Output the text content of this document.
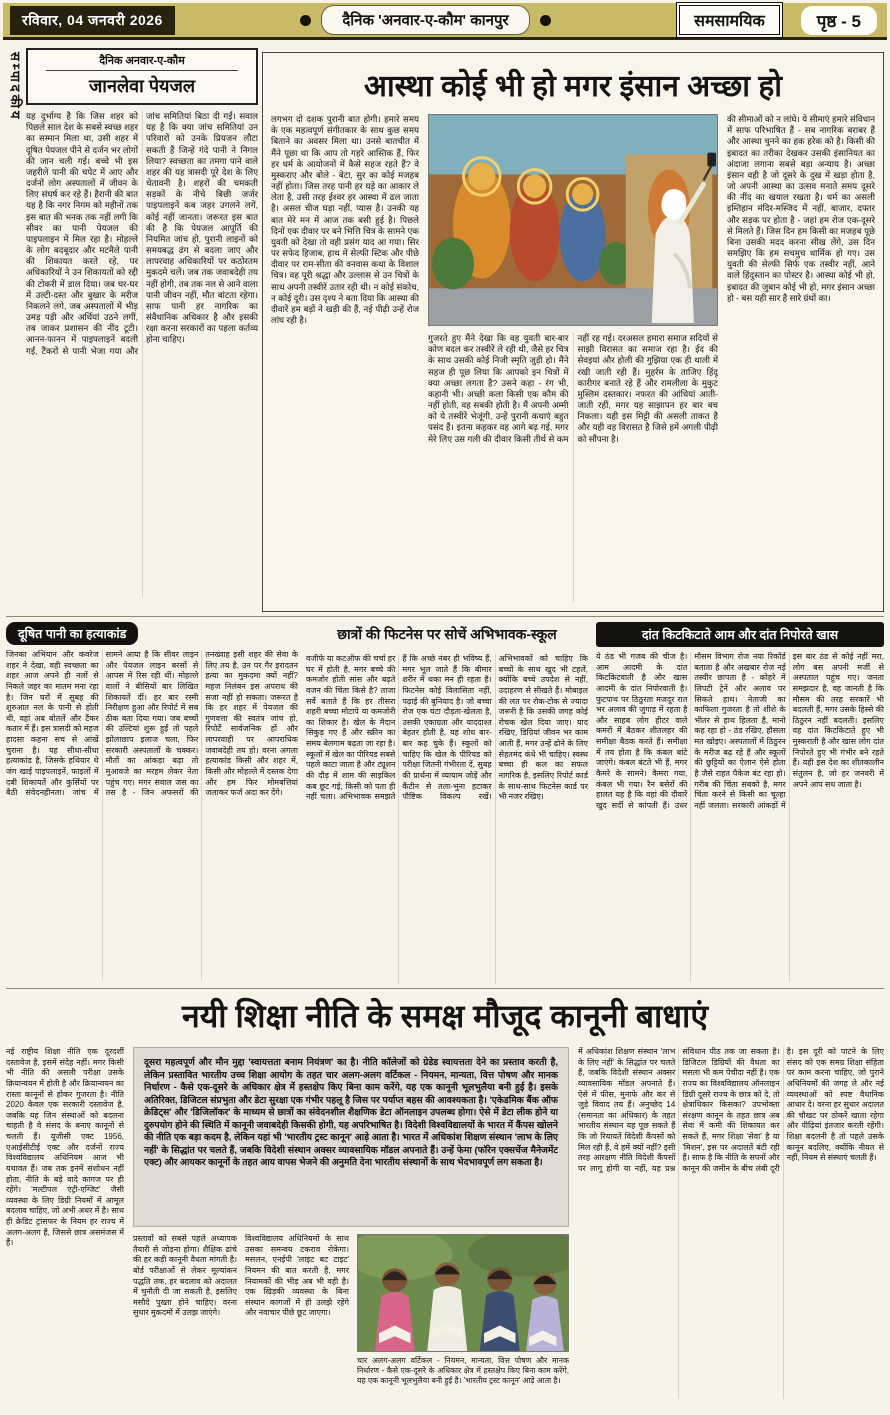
रविवार, 04 जनवरी 2026	दैनिक 'अनवार-ए-कौम' कानपुर	समसामयिक	पृष्ठ - 5
सम्पादकीय	दैनिक अनवार-ए-कौम
जानलेवा पेयजल
यह दुर्भाग्य है कि जिस शहर को पिछले साल देश के सबसे स्वच्छ शहर का सम्मान मिला था, उसी शहर में दूषित पेयजल पीने से दर्जन भर लोगों की जान चली गई। बच्चे भी इस जहरीले पानी की चपेट में आए और दर्जनों लोग अस्पतालों में जीवन के लिए संघर्ष कर रहे हैं। हैरानी की बात यह है कि नगर निगम को महीनों तक इस बात की भनक तक नहीं लगी कि सीवर का पानी पेयजल की पाइपलाइन में मिल रहा है। मोहल्ले के लोग बदबूदार और मटमैले पानी की शिकायत करते रहे, पर अधिकारियों ने उन शिकायतों को रद्दी की टोकरी में डाल दिया। जब घर-घर में उल्टी-दस्त और बुखार के मरीज निकलने लगे, जब अस्पतालों में भीड़ उमड़ पड़ी और अर्थियां उठने लगीं, तब जाकर प्रशासन की नींद टूटी। आनन-फानन में पाइपलाइनें बदली गईं, टैंकरों से पानी भेजा गया और जांच समितियां बिठा दी गईं। सवाल यह है कि क्या जांच समितियां उन परिवारों को उनके प्रियजन लौटा सकती हैं जिन्हें गंदे पानी ने निगल लिया? स्वच्छता का तमगा पाने वाले शहर की यह त्रासदी पूरे देश के लिए चेतावनी है। शहरों की चमकती सड़कों के नीचे बिछी जर्जर पाइपलाइनें कब जहर उगलने लगें, कोई नहीं जानता। जरूरत इस बात की है कि पेयजल आपूर्ति की नियमित जांच हो, पुरानी लाइनों को समयबद्ध ढंग से बदला जाए और लापरवाह अधिकारियों पर कठोरतम मुकदमे चलें। जब तक जवाबदेही तय नहीं होगी, तब तक नल से आने वाला पानी जीवन नहीं, मौत बांटता रहेगा। साफ पानी हर नागरिक का संवैधानिक अधिकार है और इसकी रक्षा करना सरकारों का पहला कर्तव्य होना चाहिए।
आस्था कोई भी हो मगर इंसान अच्छा हो
लगभग दो दशक पुरानी बात होगी। हमारे समय के एक महत्वपूर्ण संगीतकार के साथ कुछ समय बिताने का अवसर मिला था। उनसे बातचीत में मैंने पूछा था कि आप तो गहरे आस्तिक हैं, फिर हर धर्म के आयोजनों में कैसे सहज रहते हैं? वे मुस्कराए और बोले - बेटा, सुर का कोई मजहब नहीं होता। जिस तरह पानी हर घड़े का आकार ले लेता है, उसी तरह ईश्वर हर आस्था में ढल जाता है। असल चीज घड़ा नहीं, प्यास है। उनकी यह बात मेरे मन में आज तक बसी हुई है। पिछले दिनों एक दीवार पर बने भित्ति चित्र के सामने एक युवती को देखा तो वही प्रसंग याद आ गया। सिर पर सफेद हिजाब, हाथ में सेल्फी स्टिक और पीछे दीवार पर राम-सीता की वनवास कथा के विशाल चित्र। वह पूरी श्रद्धा और उल्लास से उन चित्रों के साथ अपनी तस्वीरें उतार रही थी। न कोई संकोच, न कोई दूरी। उस दृश्य ने बता दिया कि आस्था की दीवारें हम बड़ों ने खड़ी की हैं, नई पीढ़ी उन्हें रोज लांघ रही है।
गुजरते हुए मैंने देखा कि वह युवती बार-बार कोण बदल कर तस्वीरें ले रही थी, जैसे हर चित्र के साथ उसकी कोई निजी स्मृति जुड़ी हो। मैंने सहज ही पूछ लिया कि आपको इन चित्रों में क्या अच्छा लगता है? उसने कहा - रंग भी, कहानी भी। अच्छी कला किसी एक कौम की नहीं होती, वह सबकी होती है। मैं अपनी अम्मी को ये तस्वीरें भेजूंगी, उन्हें पुरानी कथाएं बहुत पसंद हैं। इतना कहकर वह आगे बढ़ गई, मगर मेरे लिए उस गली की दीवार किसी तीर्थ से कम नहीं रह गई। दरअसल हमारा समाज सदियों से साझी विरासत का समाज रहा है। ईद की सेवइयां और होली की गुझिया एक ही थाली में रखी जाती रही हैं। मुहर्रम के ताजिए हिंदू कारीगर बनाते रहे हैं और रामलीला के मुकुट मुस्लिम दस्तकार। नफरत की आंधियां आती-जाती रहीं, मगर यह साझापन हर बार बच निकला। यही इस मिट्टी की असली ताकत है और यही वह विरासत है जिसे हमें अगली पीढ़ी को सौंपना है।
की सीमाओं को न लांघे। ये सीमाएं हमारे संविधान में साफ परिभाषित हैं - सब नागरिक बराबर हैं और आस्था चुनने का हक हरेक को है। किसी की इबादत का तरीका देखकर उसकी इंसानियत का अंदाजा लगाना सबसे बड़ा अन्याय है। अच्छा इंसान वही है जो दूसरे के दुख में खड़ा होता है, जो अपनी आस्था का उत्सव मनाते समय दूसरे की नींद का खयाल रखता है। धर्म का असली इम्तिहान मंदिर-मस्जिद में नहीं, बाजार, दफ्तर और सड़क पर होता है - जहां हम रोज एक-दूसरे से मिलते हैं। जिस दिन हम किसी का मजहब पूछे बिना उसकी मदद करना सीख लेंगे, उस दिन समझिए कि हम सचमुच धार्मिक हो गए। उस युवती की सेल्फी सिर्फ एक तस्वीर नहीं, आने वाले हिंदुस्तान का पोस्टर है। आस्था कोई भी हो, इबादत की जुबान कोई भी हो, मगर इंसान अच्छा हो - बस यही सार है सारे ग्रंथों का।
दूषित पानी का हत्याकांड
जिनका अभियान और कवरेज शहर ने देखा, वही स्वच्छता का शहर आज अपने ही नलों से निकले जहर का मातम मना रहा है। जिन घरों में सुबह की शुरुआत नल के पानी से होती थी, वहां अब बोतलें और टैंकर कतार में हैं। इस त्रासदी को महज हादसा कहना सच से आंखें चुराना है। यह सीधा-सीधा हत्याकांड है, जिसके हथियार थे जंग खाई पाइपलाइनें, फाइलों में दबी शिकायतें और कुर्सियों पर बैठी संवेदनहीनता। जांच में सामने आया है कि सीवर लाइन और पेयजल लाइन बरसों से आपस में रिस रही थीं। मोहल्ले वालों ने बीसियों बार लिखित शिकायतें दीं। हर बार रस्मी निरीक्षण हुआ और रिपोर्ट में सब ठीक बता दिया गया। जब बच्चों की उल्टियां शुरू हुईं तो पहले झोलाछाप इलाज चला, फिर सरकारी अस्पतालों के चक्कर। मौतों का आंकड़ा बढ़ा तो मुआवजे का मरहम लेकर नेता पहुंच गए। मगर सवाल जस का तस है - जिन अफसरों की तनख्वाह इसी शहर की सेवा के लिए तय है, उन पर गैर इरादतन हत्या का मुकदमा क्यों नहीं? महज निलंबन इस अपराध की सजा नहीं हो सकता। जरूरत है कि हर शहर में पेयजल की गुणवत्ता की स्वतंत्र जांच हो, रिपोर्टें सार्वजनिक हों और लापरवाही पर आपराधिक जवाबदेही तय हो। वरना अगला हत्याकांड किसी और शहर में, किसी और मोहल्ले में दस्तक देगा और हम फिर मोमबत्तियां जलाकर फर्ज अदा कर देंगे।
छात्रों की फिटनेस पर सोचें अभिभावक-स्कूल
वजीफे या कटऑफ की चर्चा हर घर में होती है, मगर बच्चे की कमजोर होती सांस और बढ़ते वजन की चिंता किसे है? ताजा सर्वे बताते हैं कि हर तीसरा शहरी बच्चा मोटापे या कमजोरी का शिकार है। खेल के मैदान सिकुड़ गए हैं और स्क्रीन का समय बेलगाम बढ़ता जा रहा है। स्कूलों में खेल का पीरियड सबसे पहले काटा जाता है और ट्यूशन की दौड़ में शाम की साइकिल कब छूट गई, किसी को पता ही नहीं चला। अभिभावक समझते हैं कि अच्छे नंबर ही भविष्य हैं, मगर भूल जाते हैं कि बीमार शरीर में थका मन ही रहता है। फिटनेस कोई विलासिता नहीं, पढ़ाई की बुनियाद है। जो बच्चा रोज एक घंटा दौड़ता-खेलता है, उसकी एकाग्रता और याददाश्त बेहतर होती है, यह शोध बार-बार कह चुके हैं। स्कूलों को चाहिए कि खेल के पीरियड को परीक्षा जितनी गंभीरता दें, सुबह की प्रार्थना में व्यायाम जोड़ें और कैंटीन से तला-भुना हटाकर पौष्टिक विकल्प रखें। अभिभावकों को चाहिए कि बच्चों के साथ खुद भी टहलें, क्योंकि बच्चे उपदेश से नहीं, उदाहरण से सीखते हैं। मोबाइल की लत पर रोक-टोक से ज्यादा जरूरी है कि उसकी जगह कोई रोचक खेल दिया जाए। याद रखिए, डिग्रियां जीवन भर काम आती हैं, मगर उन्हें ढोने के लिए सेहतमंद कंधे भी चाहिए। स्वस्थ बच्चा ही कल का सफल नागरिक है, इसलिए रिपोर्ट कार्ड के साथ-साथ फिटनेस कार्ड पर भी नजर रखिए।
दांत किटकिटाते आम और दांत निपोरते खास
ये ठंड भी गजब की चीज है। आम आदमी के दांत किटकिटवाती है और खास आदमी के दांत निपोरवाती है। फुटपाथ पर ठिठुरता मजदूर रात भर अलाव की जुगाड़ में रहता है और साहब लोग हीटर वाले कमरों में बैठकर शीतलहर की समीक्षा बैठक करते हैं। समीक्षा में तय होता है कि कंबल बांटे जाएंगे। कंबल बंटते भी हैं, मगर कैमरे के सामने। कैमरा गया, कंबल भी गया। रैन बसेरों की हालत यह है कि वहां की दीवारें खुद सर्दी से कांपती हैं। उधर मौसम विभाग रोज नया रिकॉर्ड बताता है और अखबार रोज नई तस्वीर छापता है - कोहरे में लिपटी ट्रेनें और अलाव पर सिकते हाथ। नेताजी का काफिला गुजरता है तो शीशे के भीतर से हाथ हिलता है, मानो कह रहा हो - ठंड रखिए, हौसला मत खोइए। अस्पतालों में ठिठुरन के मरीज बढ़ रहे हैं और स्कूलों की छुट्टियों का ऐलान ऐसे होता है जैसे राहत पैकेज बंट रहा हो। गरीब की चिंता सबको है, मगर चिंता करने से किसी का चूल्हा नहीं जलता। सरकारी आंकड़ों में इस बार ठंड से कोई नहीं मरा, लोग बस अपनी मर्जी से अस्पताल पहुंच गए। जनता समझदार है, वह जानती है कि मौसम की तरह सरकारें भी बदलती हैं, मगर उसके हिस्से की ठिठुरन नहीं बदलती। इसलिए वह दांत किटकिटाते हुए भी मुस्कराती है और खास लोग दांत निपोरते हुए भी गंभीर बने रहते हैं। यही इस देश का शीतकालीन संतुलन है, जो हर जनवरी में अपने आप सध जाता है।
नयी शिक्षा नीति के समक्ष मौजूद कानूनी बाधाएं
नई राष्ट्रीय शिक्षा नीति एक दूरदर्शी दस्तावेज है, इसमें संदेह नहीं। मगर किसी भी नीति की असली परीक्षा उसके क्रियान्वयन में होती है और क्रियान्वयन का रास्ता कानूनों से होकर गुजरता है। नीति 2020 केवल एक सरकारी दस्तावेज है, जबकि यह जिन संस्थाओं को बदलना चाहती है वे संसद के बनाए कानूनों से चलती हैं। यूजीसी एक्ट 1956, एआईसीटीई एक्ट और दर्जनों राज्य विश्वविद्यालय अधिनियम आज भी यथावत हैं। जब तक इनमें संशोधन नहीं होता, नीति के बड़े वादे कागज पर ही रहेंगे। 'मल्टीपल एंट्री-एग्जिट' जैसी व्यवस्था के लिए डिग्री नियमों में आमूल बदलाव चाहिए, जो अभी अधर में है। साथ ही क्रेडिट ट्रांसफर के नियम हर राज्य में अलग-अलग हैं, जिससे छात्र असमंजस में हैं।
दूसरा महत्वपूर्ण और मौन मुद्दा 'स्वायत्तता बनाम नियंत्रण' का है। नीति कॉलेजों को ग्रेडेड स्वायत्तता देने का प्रस्ताव करती है, लेकिन प्रस्तावित भारतीय उच्च शिक्षा आयोग के तहत चार अलग-अलग वर्टिकल - नियमन, मान्यता, वित्त पोषण और मानक निर्धारण - कैसे एक-दूसरे के अधिकार क्षेत्र में हस्तक्षेप किए बिना काम करेंगे, यह एक कानूनी भूलभुलैया बनी हुई है। इसके अतिरिक्त, डिजिटल संप्रभुता और डेटा सुरक्षा एक गंभीर पहलू है जिस पर पर्याप्त बहस की आवश्यकता है। 'एकेडमिक बैंक ऑफ क्रेडिट्स' और 'डिजिलॉकर' के माध्यम से छात्रों का संवेदनशील शैक्षणिक डेटा ऑनलाइन उपलब्ध होगा। ऐसे में डेटा लीक होने या दुरुपयोग होने की स्थिति में कानूनी जवाबदेही किसकी होगी, यह अपरिभाषित है। विदेशी विश्वविद्यालयों के भारत में कैंपस खोलने की नीति एक बड़ा कदम है, लेकिन यहां भी 'भारतीय ट्रस्ट कानून' आड़े आता है। भारत में अधिकांश शिक्षण संस्थान 'लाभ के लिए नहीं' के सिद्धांत पर चलते हैं, जबकि विदेशी संस्थान अक्सर व्यावसायिक मॉडल अपनाते हैं। उन्हें फेमा (फॉरेन एक्सचेंज मैनेजमेंट एक्ट) और आयकर कानूनों के तहत आय वापस भेजने की अनुमति देना भारतीय संस्थानों के साथ भेदभावपूर्ण लग सकता है।
प्रस्तावों को सबसे पहले अध्यापक तैयारी से जोड़ना होगा। शैक्षिक ढांचे की हर कड़ी कानूनी वैधता मांगती है। बोर्ड परीक्षाओं से लेकर मूल्यांकन पद्धति तक, हर बदलाव को अदालत में चुनौती दी जा सकती है, इसलिए मसौदे पुख्ता होने चाहिए। वरना सुधार मुकदमों में उलझ जाएंगे।
विश्वविद्यालय अधिनियमों के साथ उसका समन्वय टकराव रोकेगा। मसलन, एनईपी 'लाइट बट टाइट' नियमन की बात करती है, मगर नियामकों की भीड़ अब भी वही है। एक खिड़की व्यवस्था के बिना संस्थान कागजों में ही उलझे रहेंगे और नवाचार पीछे छूट जाएगा।
चार अलग-अलग वर्टिकल - नियमन, मान्यता, वित्त पोषण और मानक निर्धारण - कैसे एक-दूसरे के अधिकार क्षेत्र में हस्तक्षेप किए बिना काम करेंगे, यह एक कानूनी भूलभुलैया बनी हुई है। 'भारतीय ट्रस्ट कानून' आड़े आता है।
में अधिकांश शिक्षण संस्थान 'लाभ के लिए नहीं' के सिद्धांत पर चलते हैं, जबकि विदेशी संस्थान अक्सर व्यावसायिक मॉडल अपनाते हैं। ऐसे में फीस, मुनाफे और कर से जुड़े विवाद तय हैं। अनुच्छेद 14 (समानता का अधिकार) के तहत भारतीय संस्थान यह पूछ सकते हैं कि जो रियायतें विदेशी कैंपसों को मिल रही हैं, वे हमें क्यों नहीं? इसी तरह आरक्षण नीति विदेशी कैंपसों पर लागू होगी या नहीं, यह प्रश्न संविधान पीठ तक जा सकता है। डिजिटल डिग्रियों की वैधता का मसला भी कम पेचीदा नहीं है। एक राज्य का विश्वविद्यालय ऑनलाइन डिग्री दूसरे राज्य के छात्र को दे, तो क्षेत्राधिकार किसका? उपभोक्ता संरक्षण कानून के तहत छात्र अब सेवा में कमी की शिकायत कर सकते हैं, मगर शिक्षा 'सेवा' है या 'मिशन', इस पर अदालतें बंटी रही हैं। साफ है कि नीति के सपनों और कानून की जमीन के बीच लंबी दूरी है। इस दूरी को पाटने के लिए संसद को एक समग्र शिक्षा संहिता पर काम करना चाहिए, जो पुराने अधिनियमों की जगह ले और नई व्यवस्थाओं को स्पष्ट वैधानिक आधार दे। वरना हर सुधार अदालत की चौखट पर ठोकरें खाता रहेगा और पीढ़ियां इंतजार करती रहेंगी। शिक्षा बदलनी है तो पहले उसके कानून बदलिए, क्योंकि नीयत से नहीं, नियम से संस्थाएं चलती हैं।
